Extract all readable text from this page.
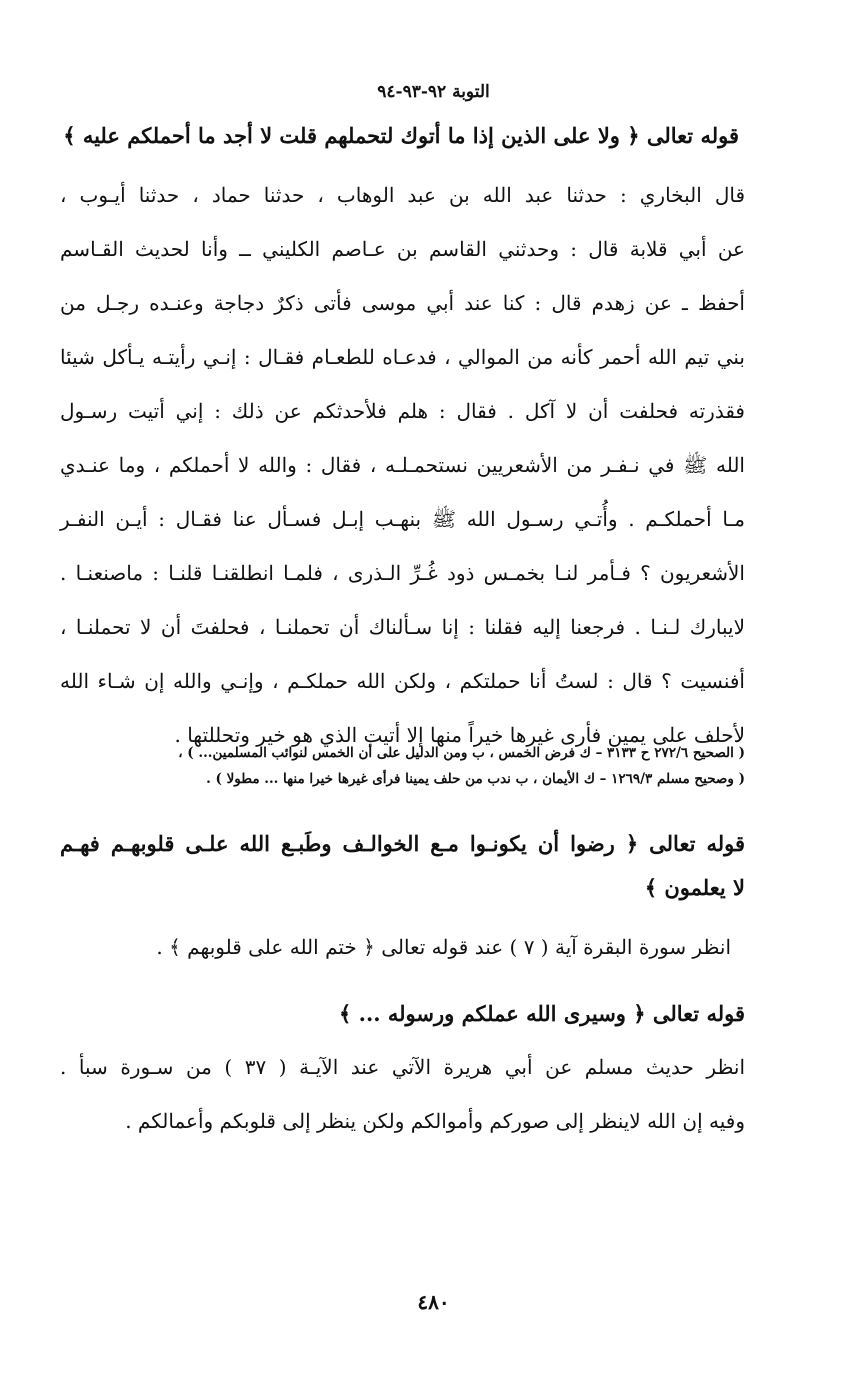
التوبة ٩٢-٩٣-٩٤
قوله تعالى ﴿ ولا على الذين إذا ما أتوك لتحملهم قلت لا أجد ما أحملكم عليه ﴾
قال البخاري : حدثنا عبد الله بن عبد الوهاب ، حدثنا حماد ، حدثنا أيـوب ،
عن أبي قلابة قال : وحدثني القاسم بن عـاصم الكليني ــ وأنا لحديث القـاسم
أحفظ ـ عن زهدم قال : كنا عند أبي موسى فأتى ذكرٌ دجاجة وعنـده رجـل من
بني تيم الله أحمر كأنه من الموالي ، فدعـاه للطعـام فقـال : إنـي رأيتـه يـأكل شيئا
فقذرته فحلفت أن لا آكل . فقال : هلم فلأحدثكم عن ذلك : إني أتيت رسـول
الله ﷺ في نـفـر من الأشعريين نستحمـلـه ، فقال : والله لا أحملكم ، وما عنـدي
مـا أحملكـم . وأُتـي رسـول الله ﷺ بنهـب إبـل فسـأل عنا فقـال : أيـن النفـر
الأشعريون ؟ فـأمر لنـا بخمـس ذود غُـرِّ الـذرى ، فلمـا انطلقنـا قلنـا : ماصنعنـا .
لايبارك لـنـا . فرجعنا إليه فقلنا : إنا سـألناك أن تحملنـا ، فحلفتَ أن لا تحملنـا ،
أفنسيت ؟ قال : لستُ أنا حملتكم ، ولكن الله حملكـم ، وإنـي والله إن شـاء الله
لأحلف على يمين فأرى غيرها خيراً منها إلا أتيت الذي هو خير وتحللتها .
( الصحيح ٢٧٢/٦ ح ٣١٣٣ – ك فرض الخمس ، ب ومن الدليل على أن الخمس لنوائب المسلمين... ) ،
( وصحيح مسلم ١٢٦٩/٣ – ك الأيمان ، ب ندب من حلف يمينا فرأى غيرها خيرا منها ... مطولا ) .
قوله تعالى ﴿ رضوا أن يكونـوا مـع الخوالـف وطَبـع الله علـى قلوبهـم فهـم
لا يعلمون ﴾
انظر سورة البقرة آية ( ٧ ) عند قوله تعالى ﴿ ختم الله على قلوبهم ﴾ .
قوله تعالى ﴿ وسيرى الله عملكم ورسوله ... ﴾
انظر حديث مسلم عن أبي هريرة الآتي عند الآيـة ( ٣٧ ) من سـورة سبأ .
وفيه إن الله لاينظر إلى صوركم وأموالكم ولكن ينظر إلى قلوبكم وأعمالكم .
٤٨٠
